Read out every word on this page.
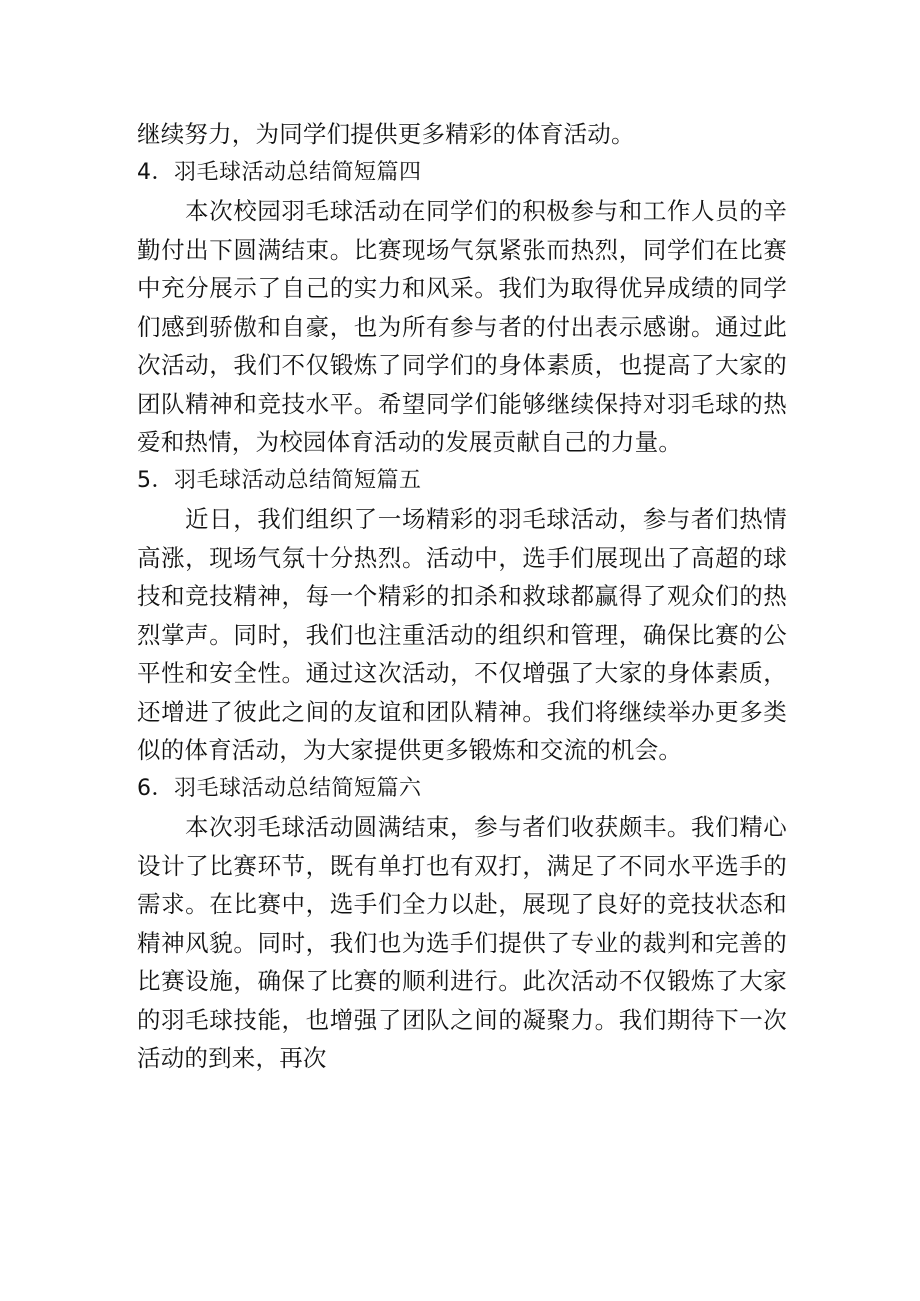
继续努力，为同学们提供更多精彩的体育活动。

4．羽毛球活动总结简短篇四

本次校园羽毛球活动在同学们的积极参与和工作人员的辛勤付出下圆满结束。比赛现场气氛紧张而热烈，同学们在比赛中充分展示了自己的实力和风采。我们为取得优异成绩的同学们感到骄傲和自豪，也为所有参与者的付出表示感谢。通过此次活动，我们不仅锻炼了同学们的身体素质，也提高了大家的团队精神和竞技水平。希望同学们能够继续保持对羽毛球的热爱和热情，为校园体育活动的发展贡献自己的力量。

5．羽毛球活动总结简短篇五

近日，我们组织了一场精彩的羽毛球活动，参与者们热情高涨，现场气氛十分热烈。活动中，选手们展现出了高超的球技和竞技精神，每一个精彩的扣杀和救球都赢得了观众们的热烈掌声。同时，我们也注重活动的组织和管理，确保比赛的公平性和安全性。通过这次活动，不仅增强了大家的身体素质，还增进了彼此之间的友谊和团队精神。我们将继续举办更多类似的体育活动，为大家提供更多锻炼和交流的机会。

6．羽毛球活动总结简短篇六

本次羽毛球活动圆满结束，参与者们收获颇丰。我们精心设计了比赛环节，既有单打也有双打，满足了不同水平选手的需求。在比赛中，选手们全力以赴，展现了良好的竞技状态和精神风貌。同时，我们也为选手们提供了专业的裁判和完善的比赛设施，确保了比赛的顺利进行。此次活动不仅锻炼了大家的羽毛球技能，也增强了团队之间的凝聚力。我们期待下一次活动的到来，再次
